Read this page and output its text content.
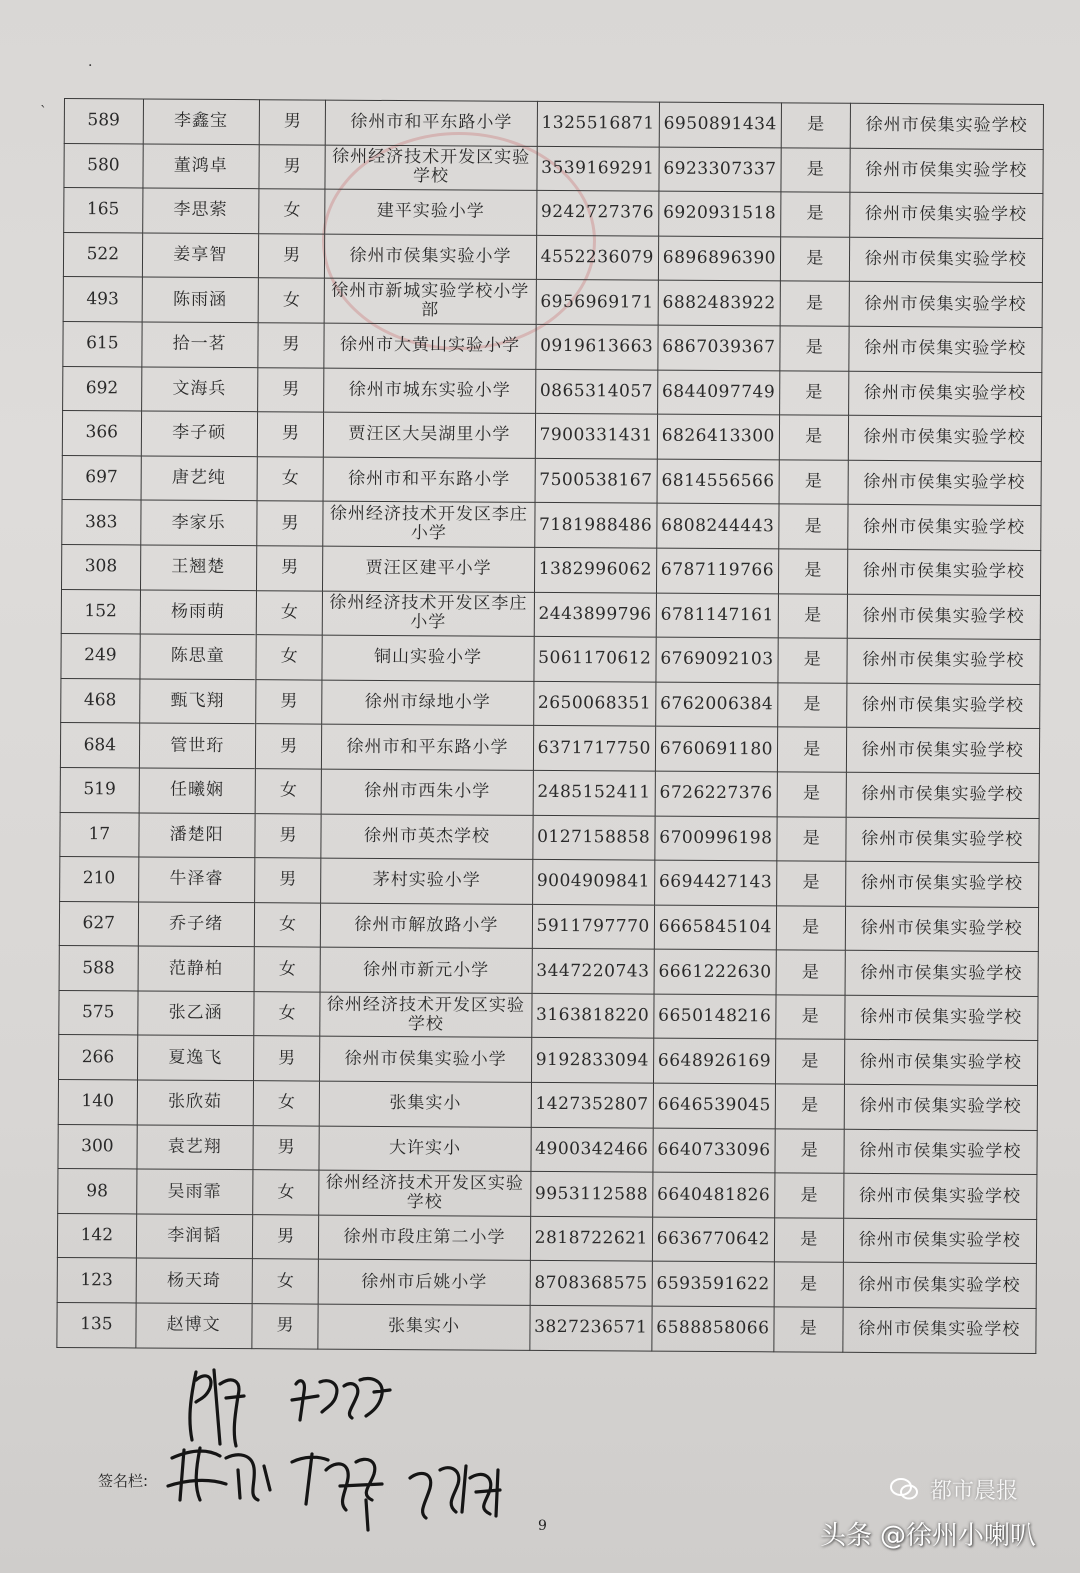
·
` 589	李鑫宝	男	徐州市和平东路小学	1325516871	6950891434	是	徐州市侯集实验学校
580	董鸿卓	男	徐州经济技术开发区实验学校	3539169291	6923307337	是	徐州市侯集实验学校
165	李思萦	女	建平实验小学	9242727376	6920931518	是	徐州市侯集实验学校
522	姜享智	男	徐州市侯集实验小学	4552236079	6896896390	是	徐州市侯集实验学校
493	陈雨涵	女	徐州市新城实验学校小学部	6956969171	6882483922	是	徐州市侯集实验学校
615	拾一茗	男	徐州市大黄山实验小学	0919613663	6867039367	是	徐州市侯集实验学校
692	文海兵	男	徐州市城东实验小学	0865314057	6844097749	是	徐州市侯集实验学校
366	李子硕	男	贾汪区大吴湖里小学	7900331431	6826413300	是	徐州市侯集实验学校
697	唐艺纯	女	徐州市和平东路小学	7500538167	6814556566	是	徐州市侯集实验学校
383	李家乐	男	徐州经济技术开发区李庄小学	7181988486	6808244443	是	徐州市侯集实验学校
308	王翘楚	男	贾汪区建平小学	1382996062	6787119766	是	徐州市侯集实验学校
152	杨雨萌	女	徐州经济技术开发区李庄小学	2443899796	6781147161	是	徐州市侯集实验学校
249	陈思童	女	铜山实验小学	5061170612	6769092103	是	徐州市侯集实验学校
468	甄飞翔	男	徐州市绿地小学	2650068351	6762006384	是	徐州市侯集实验学校
684	管世珩	男	徐州市和平东路小学	6371717750	6760691180	是	徐州市侯集实验学校
519	任曦娴	女	徐州市西朱小学	2485152411	6726227376	是	徐州市侯集实验学校
17	潘楚阳	男	徐州市英杰学校	0127158858	6700996198	是	徐州市侯集实验学校
210	牛泽睿	男	茅村实验小学	9004909841	6694427143	是	徐州市侯集实验学校
627	乔子绪	女	徐州市解放路小学	5911797770	6665845104	是	徐州市侯集实验学校
588	范静柏	女	徐州市新元小学	3447220743	6661222630	是	徐州市侯集实验学校
575	张乙涵	女	徐州经济技术开发区实验学校	3163818220	6650148216	是	徐州市侯集实验学校
266	夏逸飞	男	徐州市侯集实验小学	9192833094	6648926169	是	徐州市侯集实验学校
140	张欣茹	女	张集实小	1427352807	6646539045	是	徐州市侯集实验学校
300	袁艺翔	男	大许实小	4900342466	6640733096	是	徐州市侯集实验学校
98	吴雨霏	女	徐州经济技术开发区实验学校	9953112588	6640481826	是	徐州市侯集实验学校
142	李润韬	男	徐州市段庄第二小学	2818722621	6636770642	是	徐州市侯集实验学校
123	杨天琦	女	徐州市后姚小学	8708368575	6593591622	是	徐州市侯集实验学校
135	赵博文	男	张集实小	3827236571	6588858066	是	徐州市侯集实验学校
签名栏:
9
都市晨报
头条 @徐州小喇叭
